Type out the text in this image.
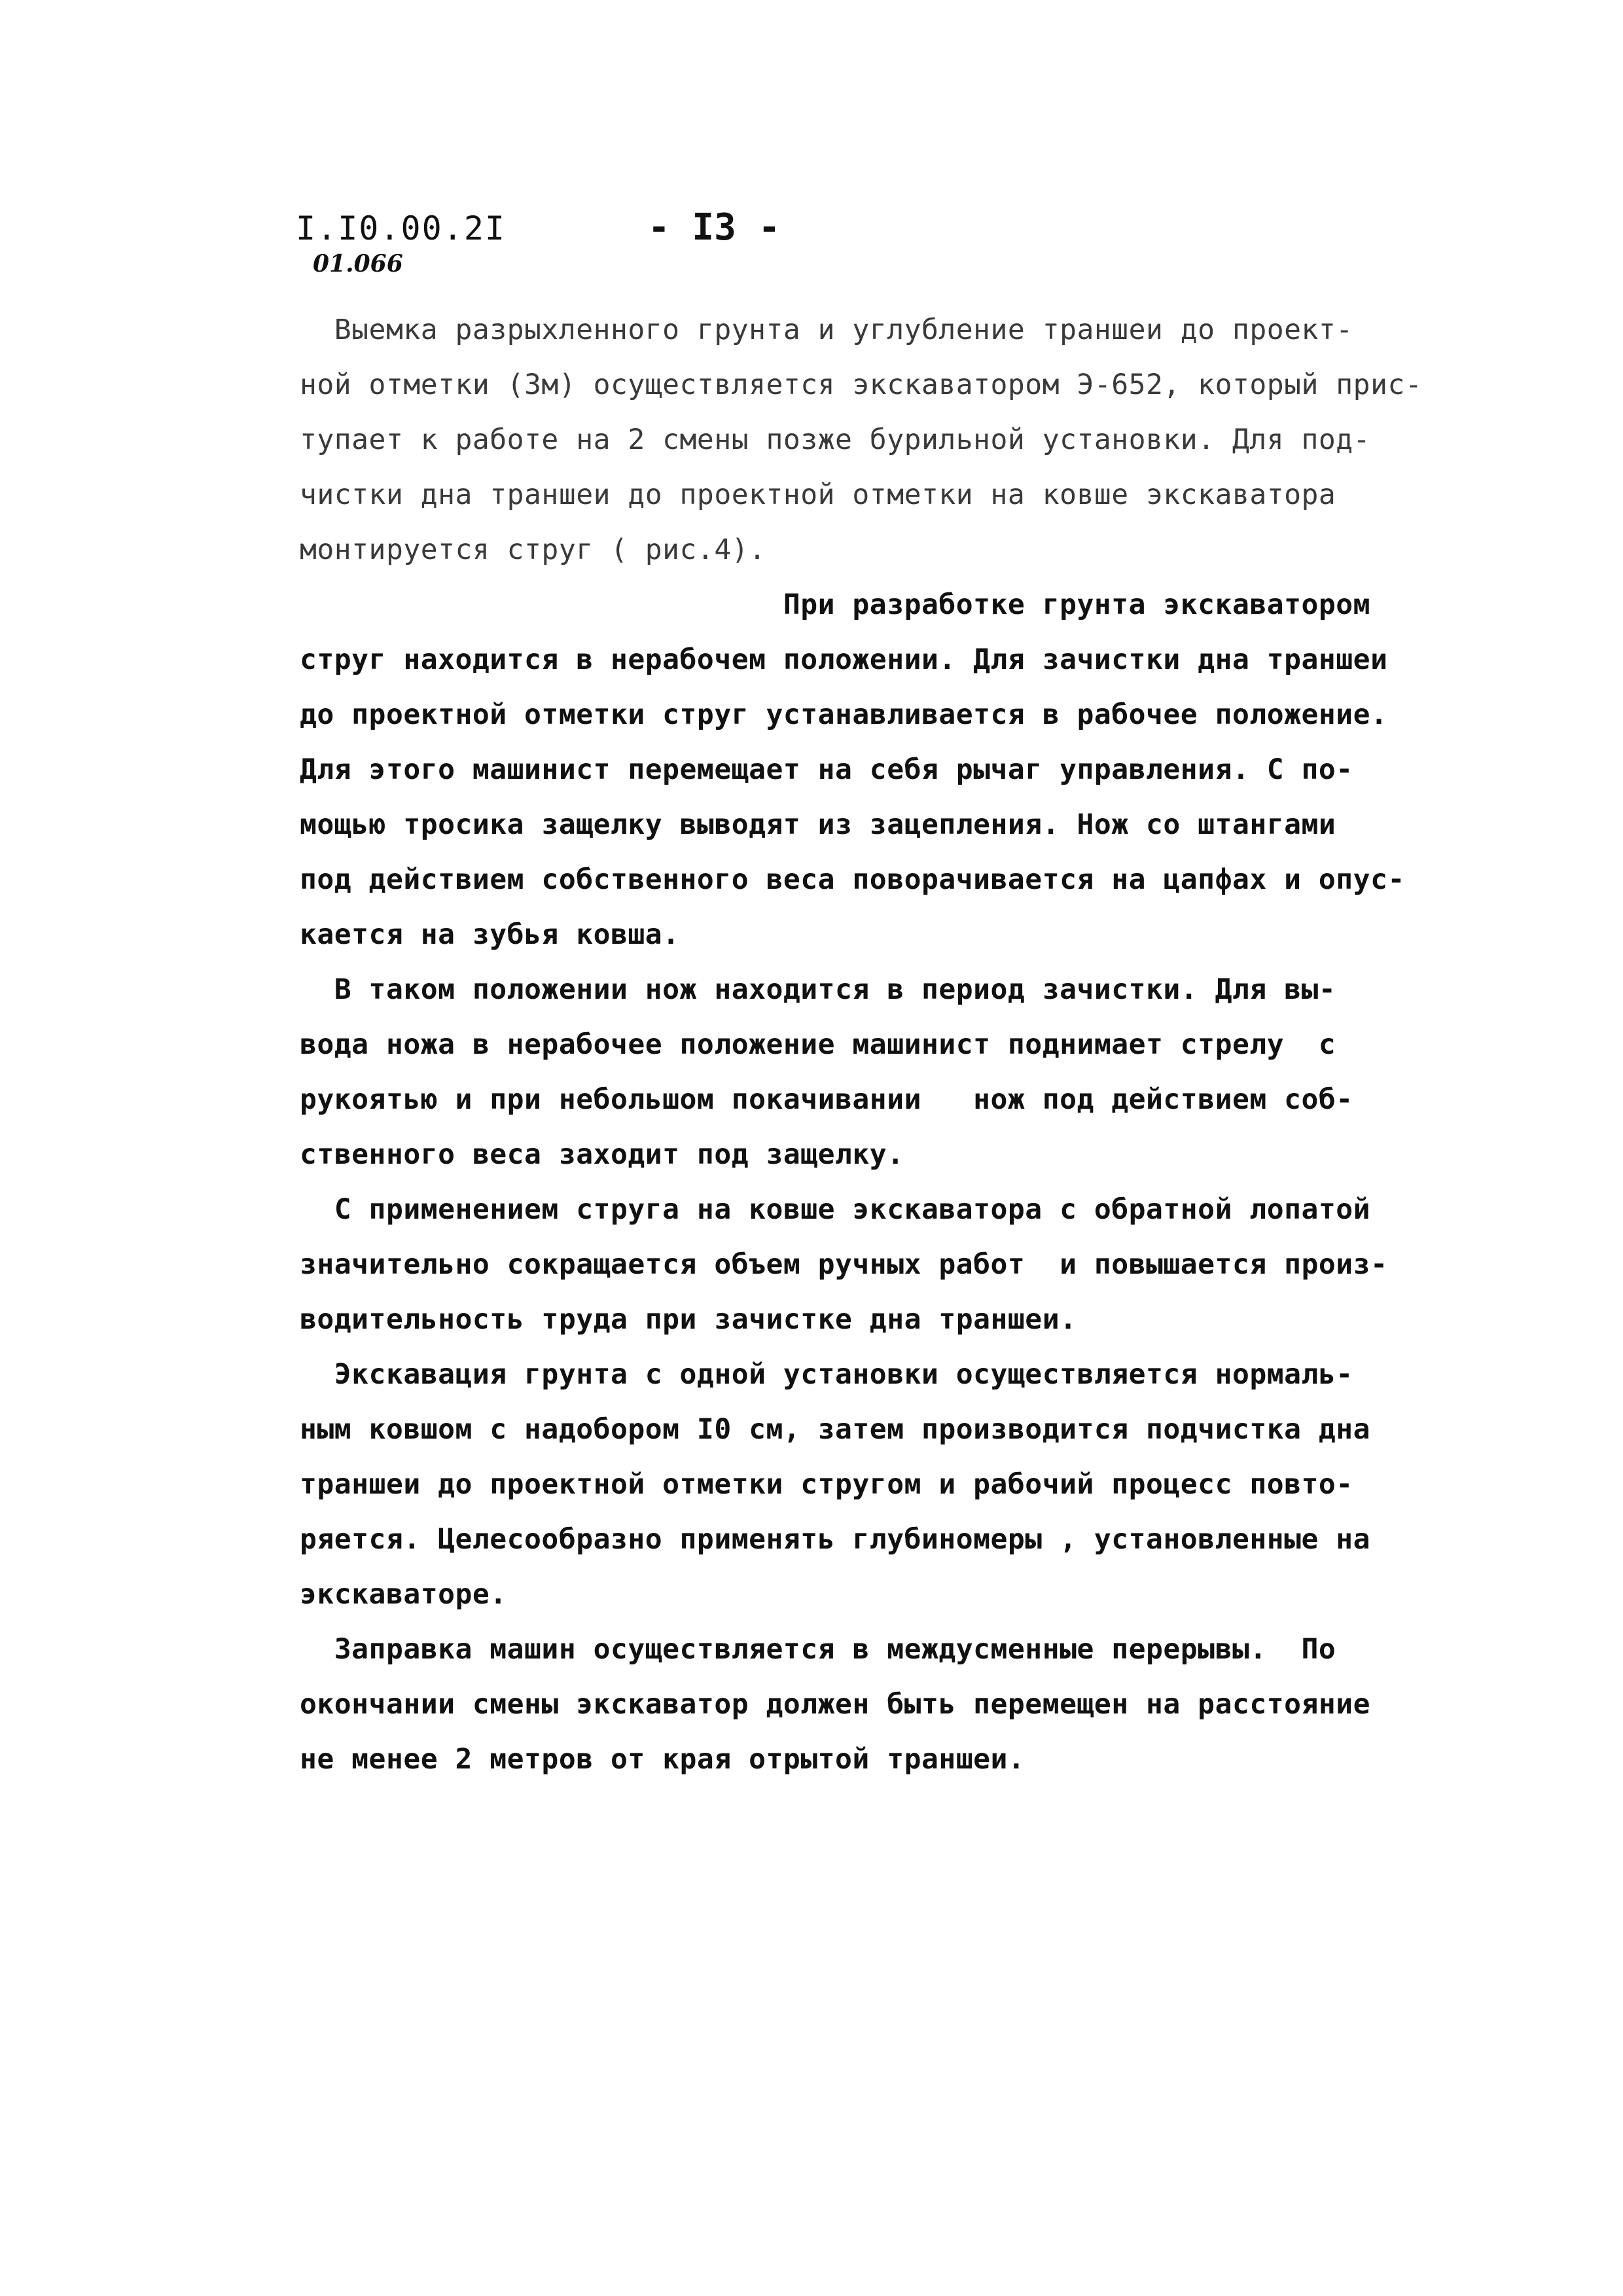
I.I0.00.2I	- I3 -
01.066
Выемка разрыхленного грунта и углубление траншеи до проект-
ной отметки (3м) осуществляется экскаватором Э-652, который прис-
тупает к работе на 2 смены позже бурильной установки. Для под-
чистки дна траншеи до проектной отметки на ковше экскаватора
монтируется струг ( рис.4).
При разработке грунта экскаватором
струг находится в нерабочем положении. Для зачистки дна траншеи
до проектной отметки струг устанавливается в рабочее положение.
Для этого машинист перемещает на себя рычаг управления. С по-
мощью тросика защелку выводят из зацепления. Нож со штангами
под действием собственного веса поворачивается на цапфах и опус-
кается на зубья ковша.
В таком положении нож находится в период зачистки. Для вы-
вода ножа в нерабочее положение машинист поднимает стрелу  с
рукоятью и при небольшом покачивании   нож под действием соб-
ственного веса заходит под защелку.
С применением струга на ковше экскаватора с обратной лопатой
значительно сокращается объем ручных работ  и повышается произ-
водительность труда при зачистке дна траншеи.
Экскавация грунта с одной установки осуществляется нормаль-
ным ковшом с надобором I0 см, затем производится подчистка дна
траншеи до проектной отметки стругом и рабочий процесс повто-
ряется. Целесообразно применять глубиномеры , установленные на
экскаваторе.
Заправка машин осуществляется в междусменные перерывы.  По
окончании смены экскаватор должен быть перемещен на расстояние
не менее 2 метров от края отрытой траншеи.
